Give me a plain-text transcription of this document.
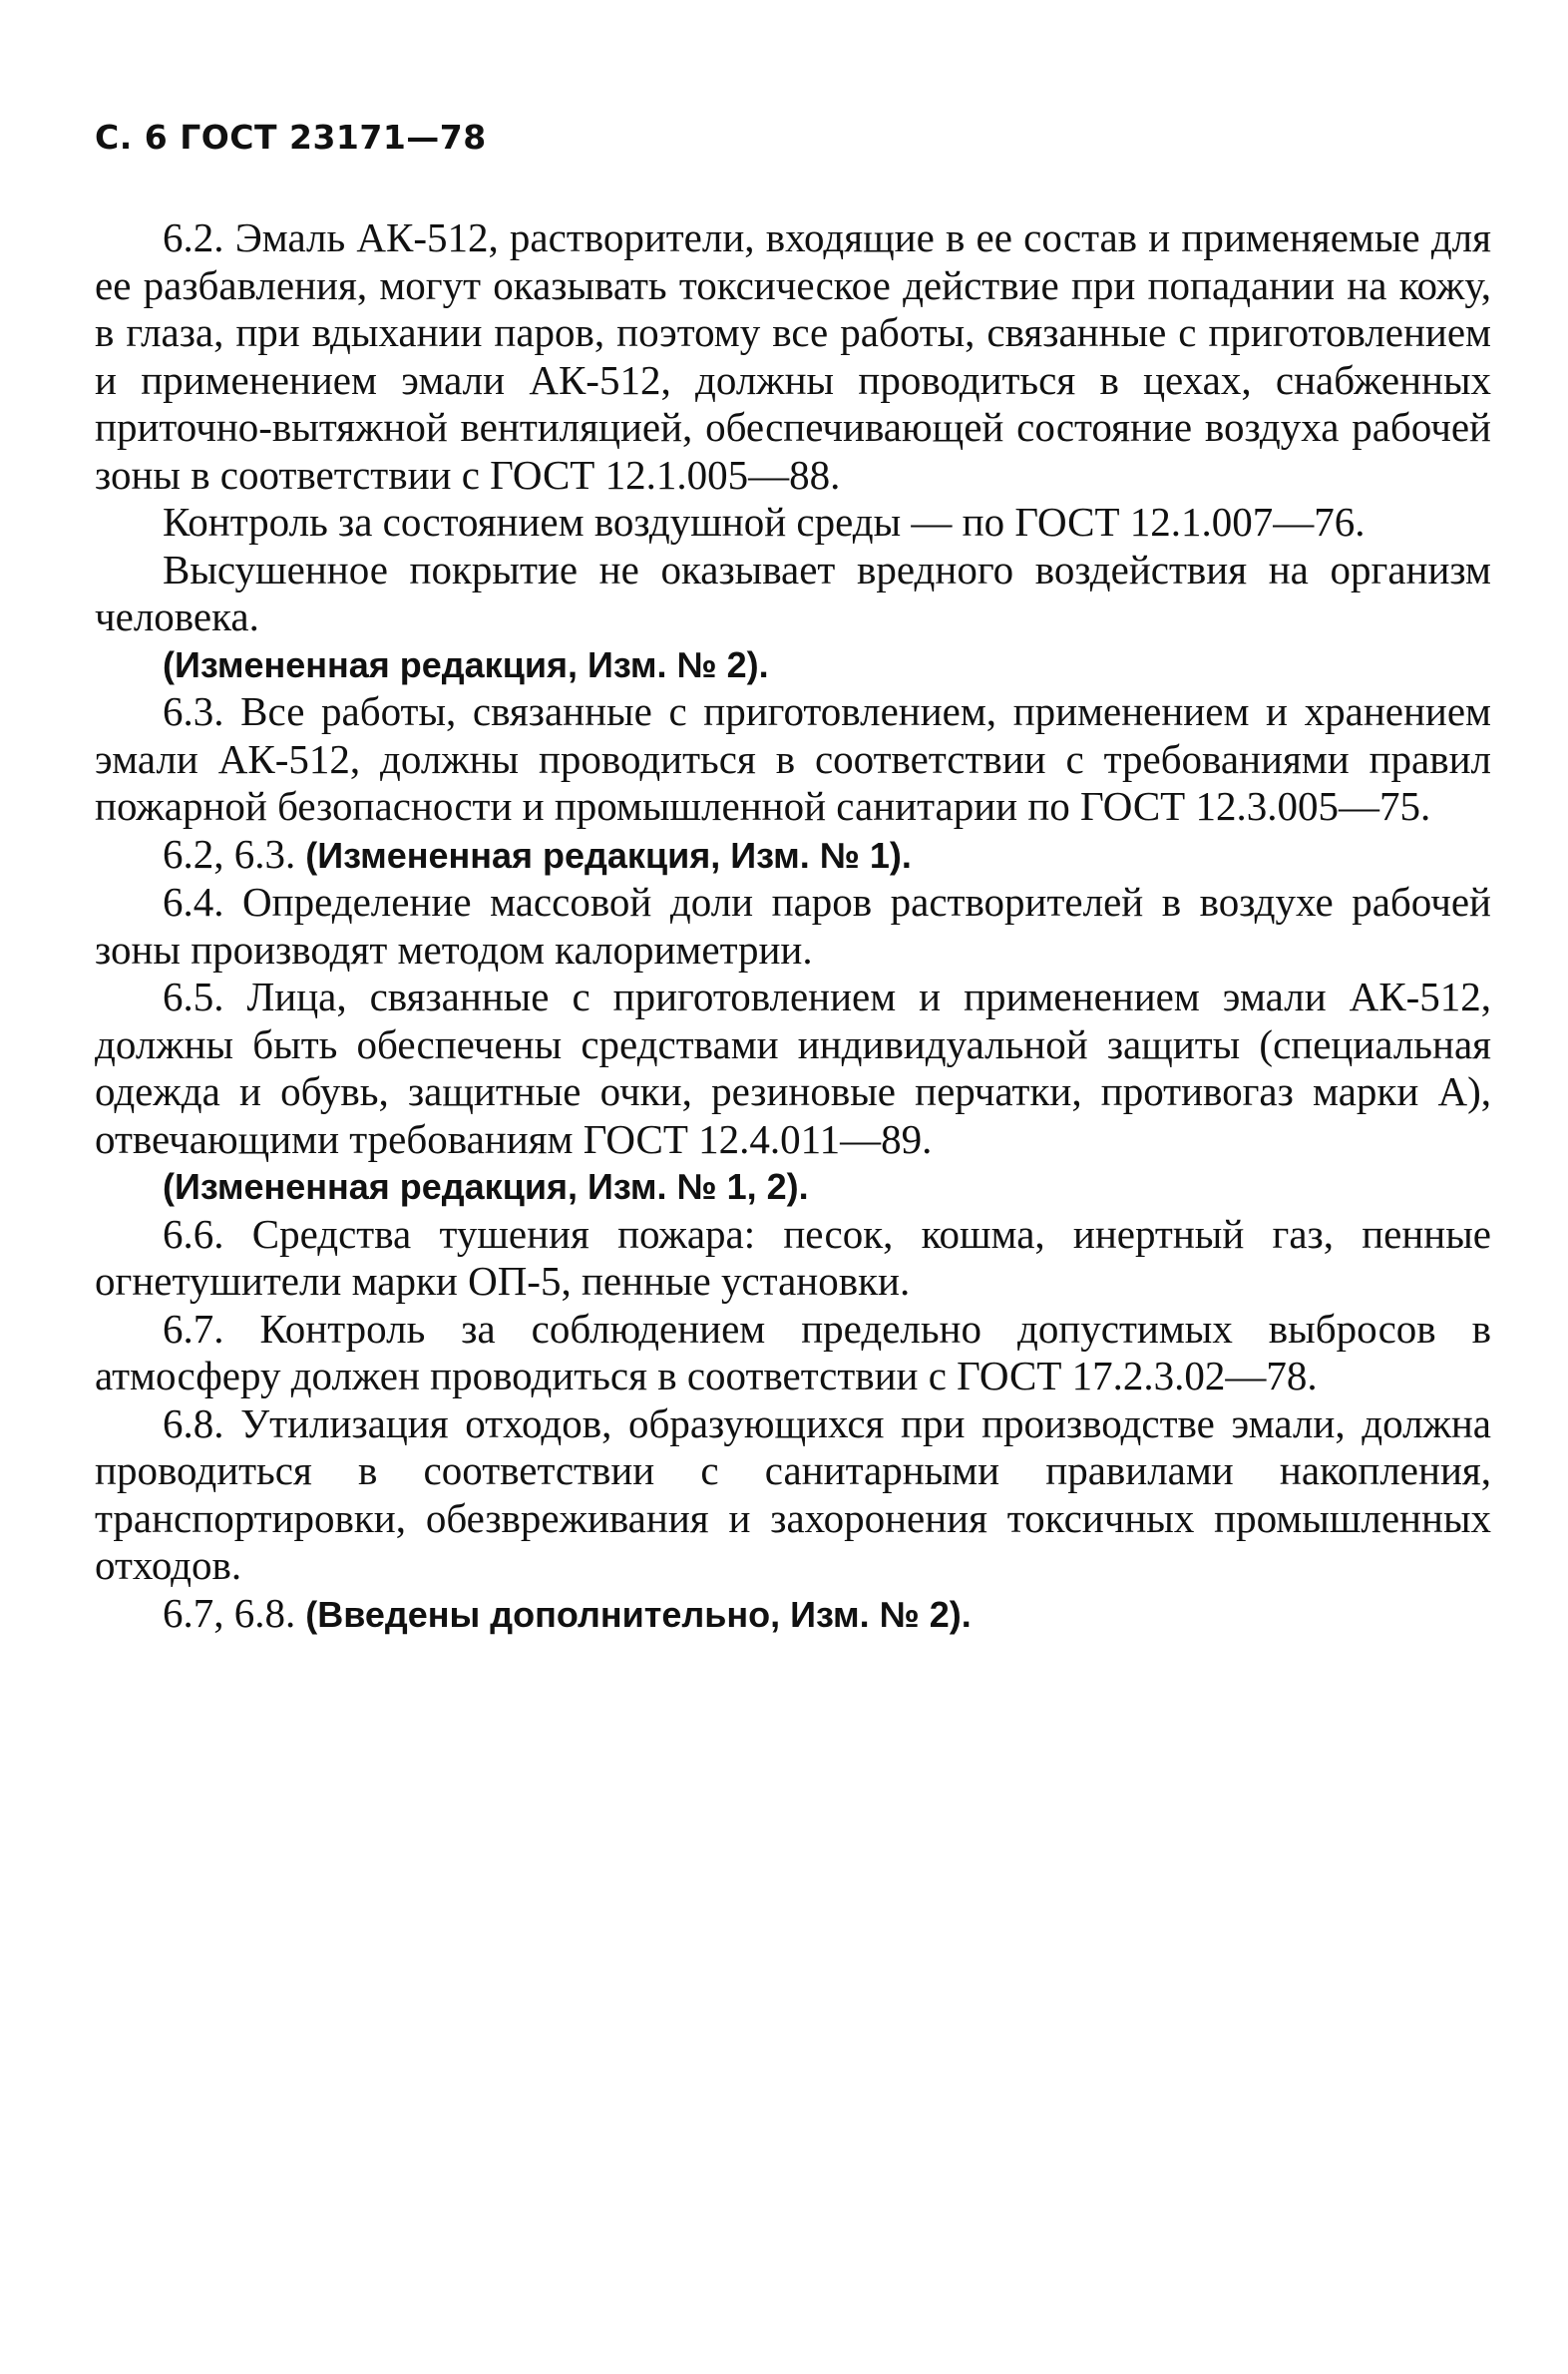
С. 6 ГОСТ 23171—78

6.2. Эмаль АК-512, растворители, входящие в ее состав и применяемые для ее разбавления, могут оказывать токсическое действие при попадании на кожу, в глаза, при вдыхании паров, поэтому все работы, связанные с приготовлением и применением эмали АК-512, должны проводиться в цехах, снабженных приточно-вытяжной вентиляцией, обеспечивающей состояние воздуха рабочей зоны в соответствии с ГОСТ 12.1.005—88.

Контроль за состоянием воздушной среды — по ГОСТ 12.1.007—76.

Высушенное покрытие не оказывает вредного воздействия на организм человека.

(Измененная редакция, Изм. № 2).

6.3. Все работы, связанные с приготовлением, применением и хранением эмали АК-512, должны проводиться в соответствии с требованиями правил пожарной безопасности и промышленной санитарии по ГОСТ 12.3.005—75.

6.2, 6.3. (Измененная редакция, Изм. № 1).

6.4. Определение массовой доли паров растворителей в воздухе рабочей зоны производят методом калориметрии.

6.5. Лица, связанные с приготовлением и применением эмали АК-512, должны быть обеспечены средствами индивидуальной защиты (специальная одежда и обувь, защитные очки, резиновые перчатки, противогаз марки А), отвечающими требованиям ГОСТ 12.4.011—89.

(Измененная редакция, Изм. № 1, 2).

6.6. Средства тушения пожара: песок, кошма, инертный газ, пенные огнетушители марки ОП-5, пенные установки.

6.7. Контроль за соблюдением предельно допустимых выбросов в атмосферу должен проводиться в соответствии с ГОСТ 17.2.3.02—78.

6.8. Утилизация отходов, образующихся при производстве эмали, должна проводиться в соответствии с санитарными правилами накопления, транспортировки, обезвреживания и захоронения токсичных промышленных отходов.

6.7, 6.8. (Введены дополнительно, Изм. № 2).
